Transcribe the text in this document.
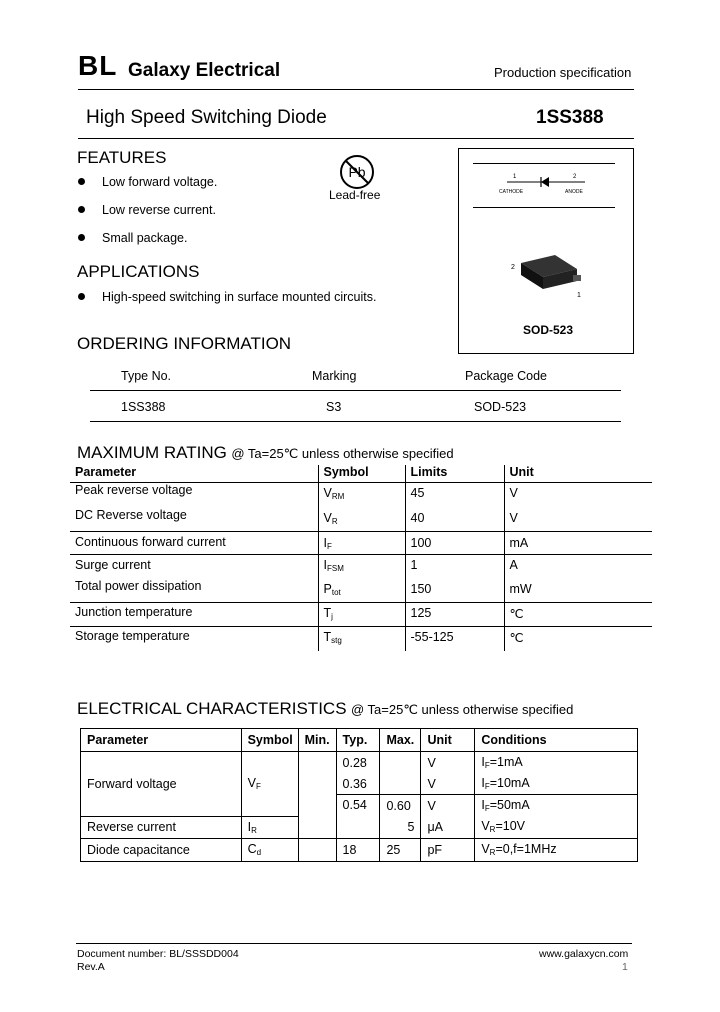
BL Galaxy Electrical	Production specification
High Speed Switching Diode	1SS388
FEATURES
Low forward voltage.
Low reverse current.
Small package.
Pb
Lead-free
APPLICATIONS
High-speed switching in surface mounted circuits.
1	2
CATHODE	ANODE
2
1
SOD-523
ORDERING INFORMATION
Type No.	Marking	Package Code
1SS388	S3	SOD-523
MAXIMUM RATING @ Ta=25℃ unless otherwise specified
Parameter	Symbol	Limits	Unit
Peak reverse voltage	$V_{RM}$	45	V
DC Reverse voltage	$V_R$	40	V
Continuous forward current	$I_F$	100	mA
Surge current	$I_{FSM}$	1	A
Total power dissipation	$P_{tot}$	150	mW
Junction temperature	$T_j$	125	℃
Storage temperature	$T_{stg}$	-55-125	℃
ELECTRICAL CHARACTERISTICS @ Ta=25℃ unless otherwise specified
Parameter	Symbol	Min.	Typ.	Max.	Unit	Conditions
Forward voltage	$V_F$		0.28		V	$I_F=1mA$
			0.36		V	$I_F=10mA$
			0.54	0.60	V	$I_F=50mA$
Reverse current	$I_R$			5	μA	$V_R=10V$
Diode capacitance	$C_d$		18	25	pF	$V_R=0,f=1MHz$
Document number: BL/SSSDD004
Rev.A
www.galaxycn.com
1
